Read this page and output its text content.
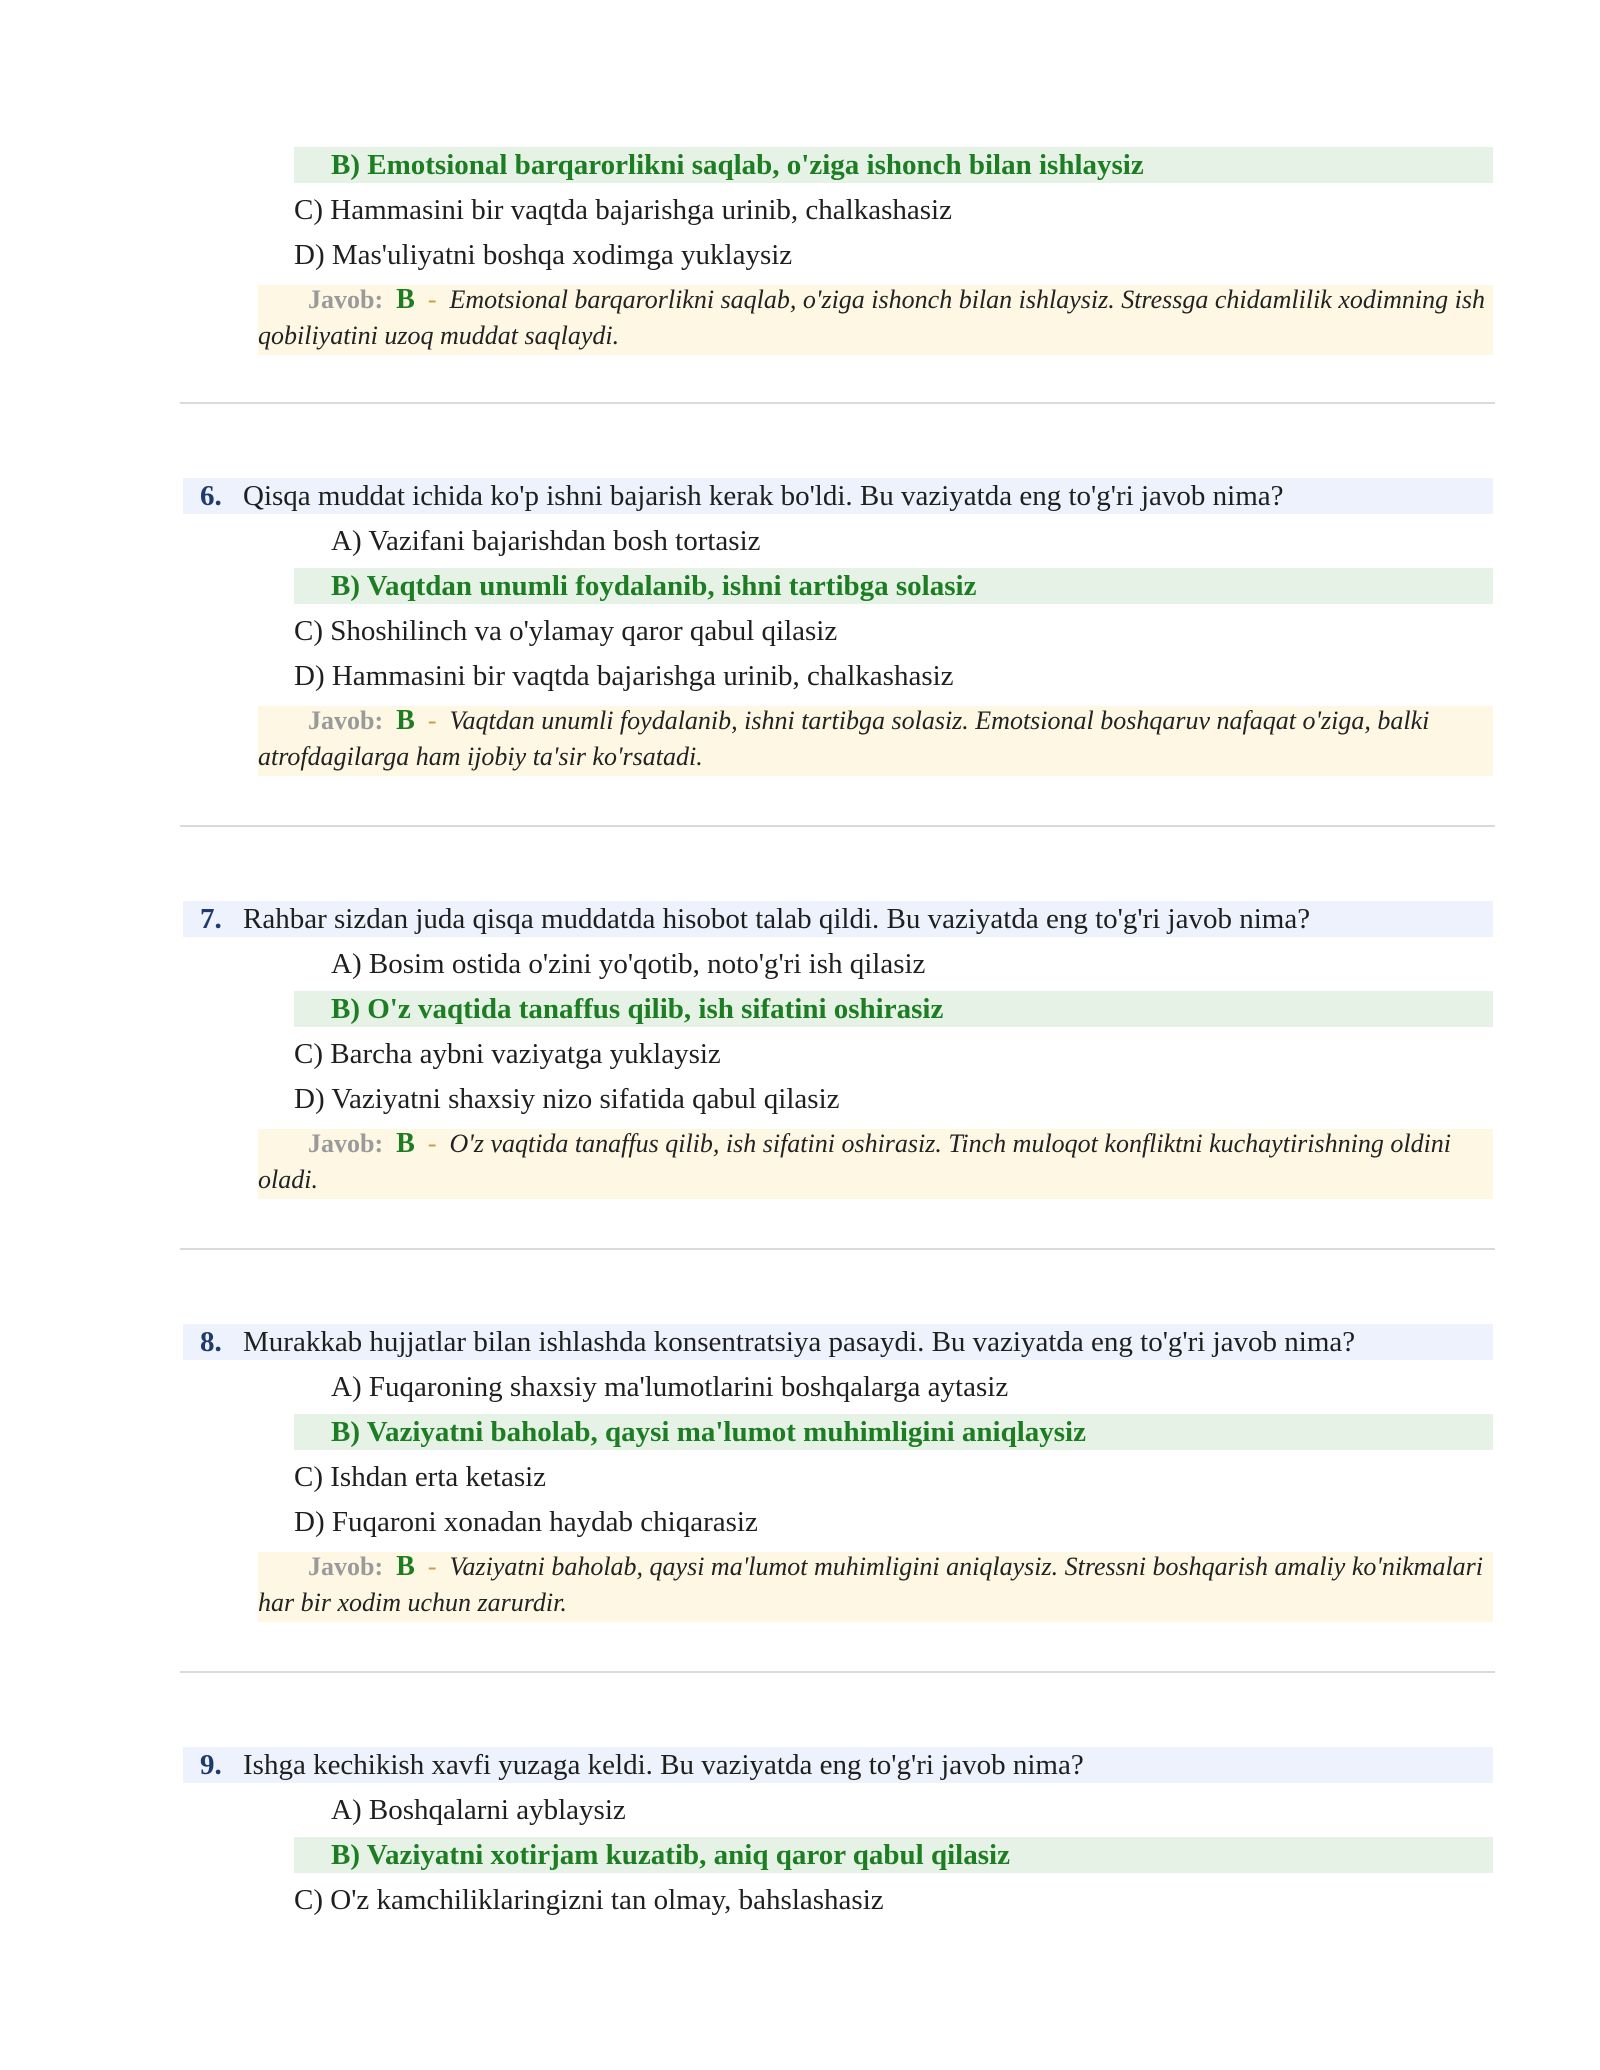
B) Emotsional barqarorlikni saqlab, o'ziga ishonch bilan ishlaysiz
C) Hammasini bir vaqtda bajarishga urinib, chalkashasiz
D) Mas'uliyatni boshqa xodimga yuklaysiz
Javob: B - Emotsional barqarorlikni saqlab, o'ziga ishonch bilan ishlaysiz. Stressga chidamlilik xodimning ish qobiliyatini uzoq muddat saqlaydi.
6. Qisqa muddat ichida ko'p ishni bajarish kerak bo'ldi. Bu vaziyatda eng to'g'ri javob nima?
A) Vazifani bajarishdan bosh tortasiz
B) Vaqtdan unumli foydalanib, ishni tartibga solasiz
C) Shoshilinch va o'ylamay qaror qabul qilasiz
D) Hammasini bir vaqtda bajarishga urinib, chalkashasiz
Javob: B - Vaqtdan unumli foydalanib, ishni tartibga solasiz. Emotsional boshqaruv nafaqat o'ziga, balki atrofdagilarga ham ijobiy ta'sir ko'rsatadi.
7. Rahbar sizdan juda qisqa muddatda hisobot talab qildi. Bu vaziyatda eng to'g'ri javob nima?
A) Bosim ostida o'zini yo'qotib, noto'g'ri ish qilasiz
B) O'z vaqtida tanaffus qilib, ish sifatini oshirasiz
C) Barcha aybni vaziyatga yuklaysiz
D) Vaziyatni shaxsiy nizo sifatida qabul qilasiz
Javob: B - O'z vaqtida tanaffus qilib, ish sifatini oshirasiz. Tinch muloqot konfliktni kuchaytirishning oldini oladi.
8. Murakkab hujjatlar bilan ishlashda konsentratsiya pasaydi. Bu vaziyatda eng to'g'ri javob nima?
A) Fuqaroning shaxsiy ma'lumotlarini boshqalarga aytasiz
B) Vaziyatni baholab, qaysi ma'lumot muhimligini aniqlaysiz
C) Ishdan erta ketasiz
D) Fuqaroni xonadan haydab chiqarasiz
Javob: B - Vaziyatni baholab, qaysi ma'lumot muhimligini aniqlaysiz. Stressni boshqarish amaliy ko'nikmalari har bir xodim uchun zarurdir.
9. Ishga kechikish xavfi yuzaga keldi. Bu vaziyatda eng to'g'ri javob nima?
A) Boshqalarni ayblaysiz
B) Vaziyatni xotirjam kuzatib, aniq qaror qabul qilasiz
C) O'z kamchiliklaringizni tan olmay, bahslashasiz
